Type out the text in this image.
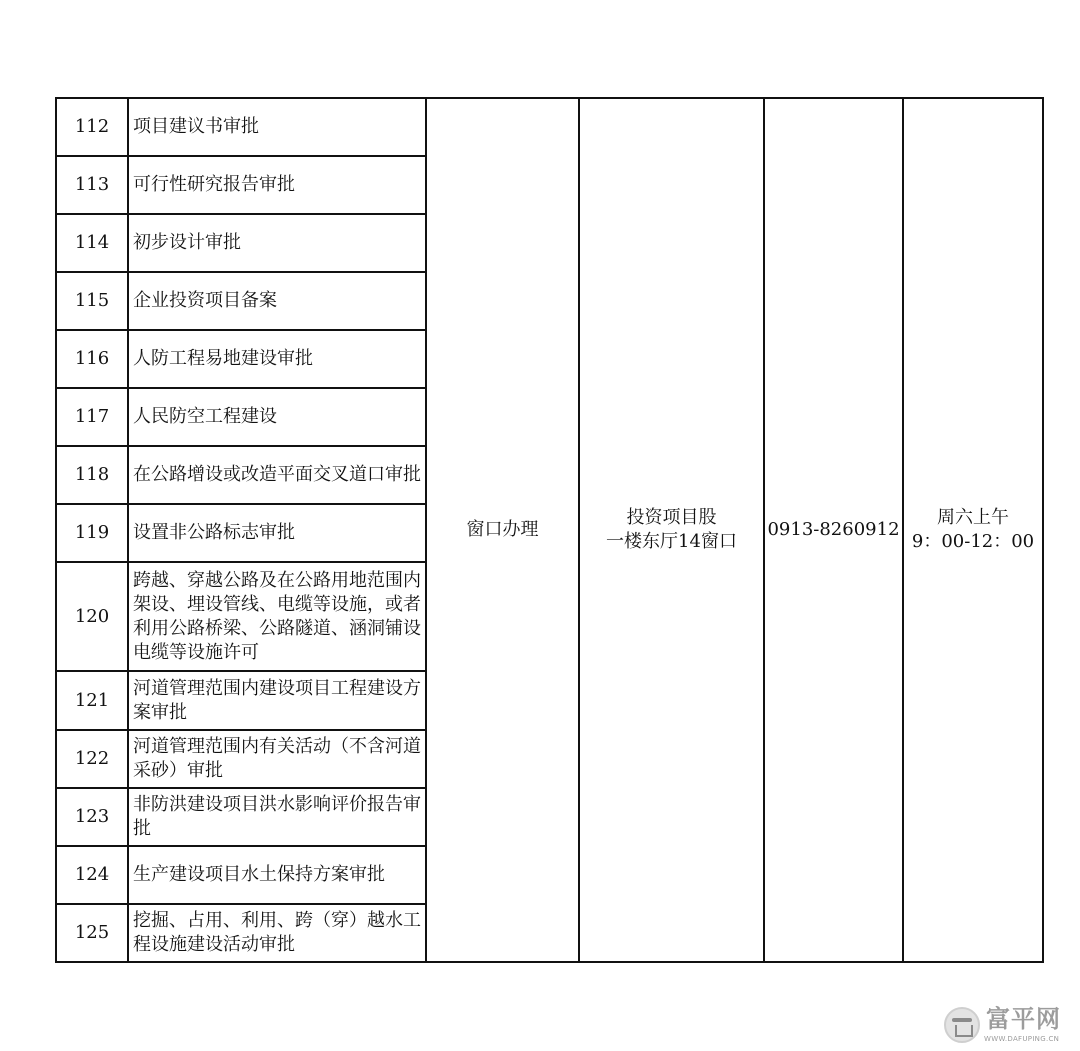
112	项目建议书审批	窗口办理	投资项目股
一楼东厅14窗口	0913-8260912	周六上午
9：00-12：00

113	可行性研究报告审批				
114	初步设计审批				
115	企业投资项目备案				
116	人防工程易地建设审批				
117	人民防空工程建设				
118	在公路增设或改造平面交叉道口审批				
119	设置非公路标志审批				
120	跨越、穿越公路及在公路用地范围内架设、埋设管线、电缆等设施，或者利用公路桥梁、公路隧道、涵洞铺设电缆等设施许可				
121	河道管理范围内建设项目工程建设方案审批				
122	河道管理范围内有关活动（不含河道采砂）审批				
123	非防洪建设项目洪水影响评价报告审批				
124	生产建设项目水土保持方案审批				
125	挖掘、占用、利用、跨（穿）越水工程设施建设活动审批				
富平网
WWW.DAFUPING.CN
